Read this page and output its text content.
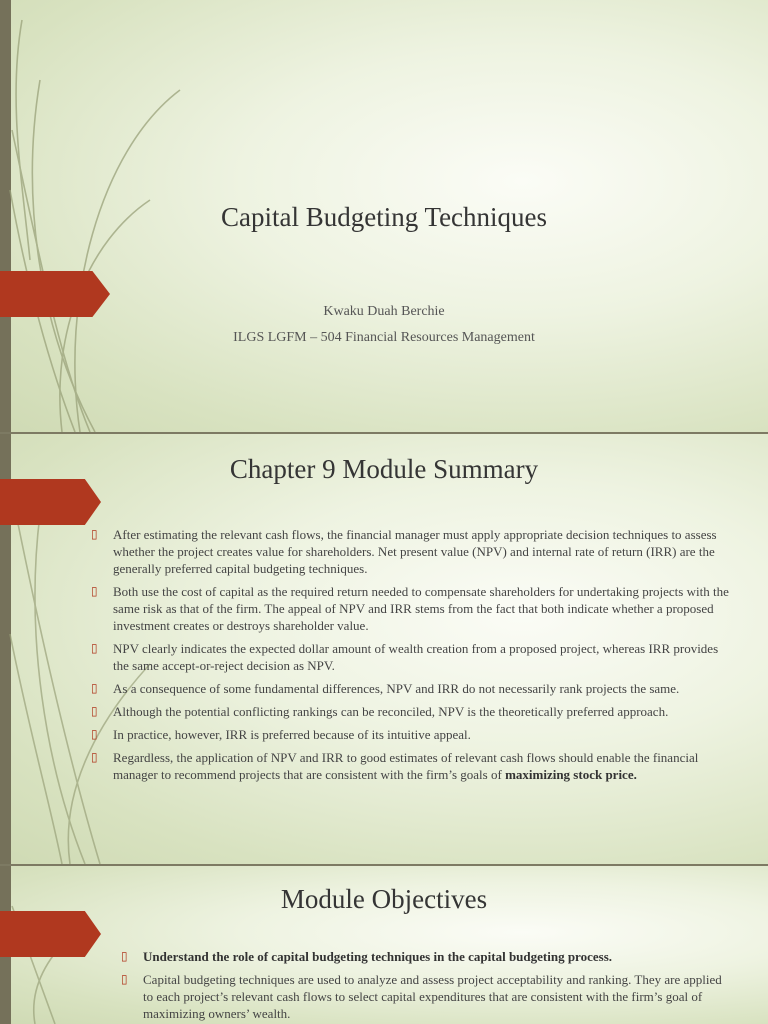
Capital Budgeting Techniques
Kwaku Duah Berchie
ILGS LGFM – 504 Financial Resources Management
Chapter 9 Module Summary
▯ After estimating the relevant cash flows, the financial manager must apply appropriate decision techniques to assess whether the project creates value for shareholders. Net present value (NPV) and internal rate of return (IRR) are the generally preferred capital budgeting techniques.
▯ Both use the cost of capital as the required return needed to compensate shareholders for undertaking projects with the same risk as that of the firm. The appeal of NPV and IRR stems from the fact that both indicate whether a proposed investment creates or destroys shareholder value.
▯ NPV clearly indicates the expected dollar amount of wealth creation from a proposed project, whereas IRR provides the same accept-or-reject decision as NPV.
▯ As a consequence of some fundamental differences, NPV and IRR do not necessarily rank projects the same.
▯ Although the potential conflicting rankings can be reconciled, NPV is the theoretically preferred approach.
▯ In practice, however, IRR is preferred because of its intuitive appeal.
▯ Regardless, the application of NPV and IRR to good estimates of relevant cash flows should enable the financial manager to recommend projects that are consistent with the firm’s goals of maximizing stock price.
Module Objectives
▯ Understand the role of capital budgeting techniques in the capital budgeting process.
▯ Capital budgeting techniques are used to analyze and assess project acceptability and ranking. They are applied to each project’s relevant cash flows to select capital expenditures that are consistent with the firm’s goal of maximizing owners’ wealth.
